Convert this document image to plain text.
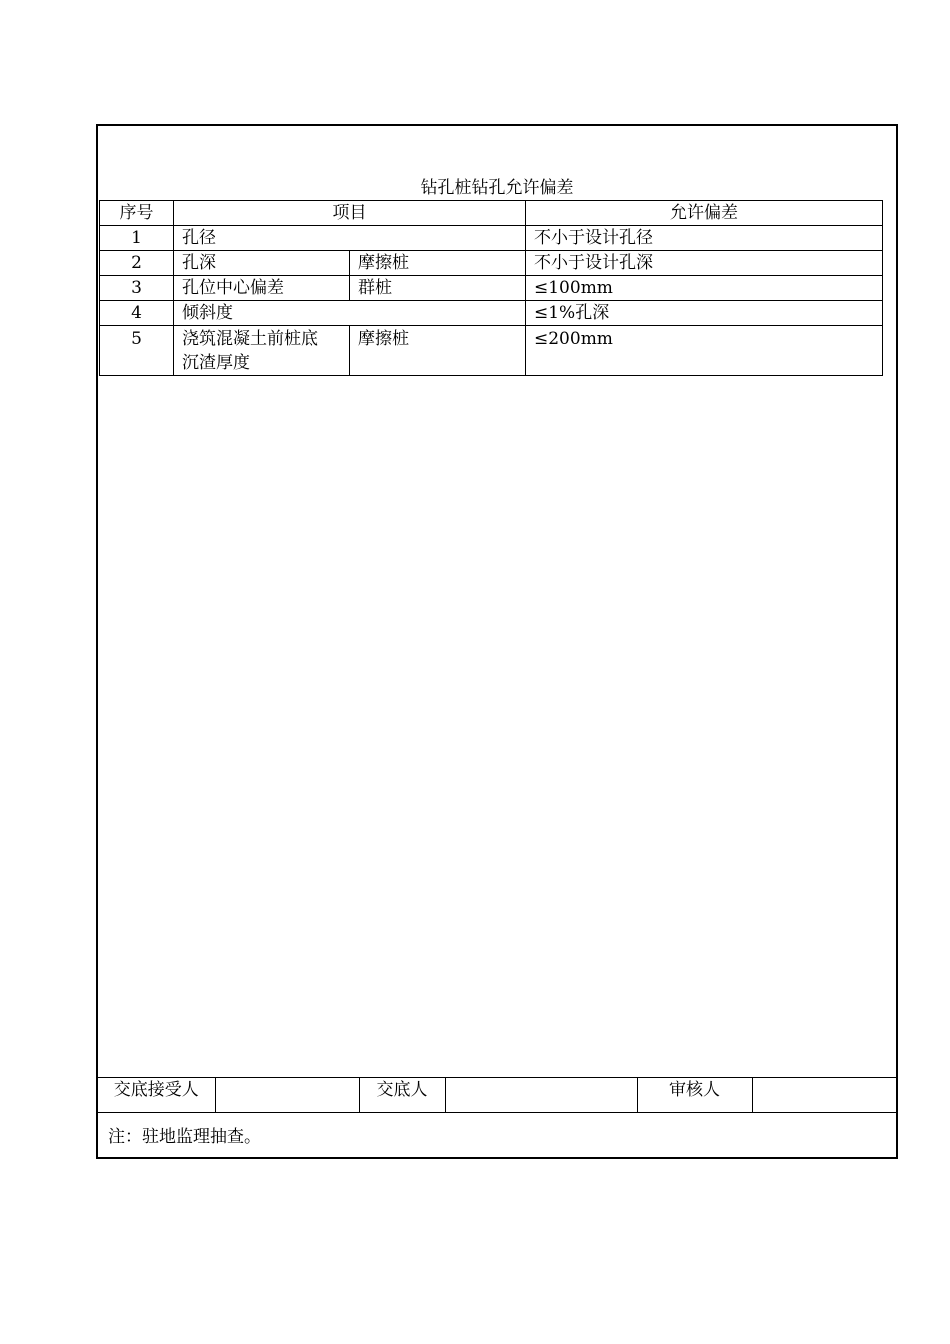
钻孔桩钻孔允许偏差
序号	项目		允许偏差
1	孔径		不小于设计孔径
2	孔深	摩擦桩	不小于设计孔深
3	孔位中心偏差	群桩	≤100mm
4	倾斜度		≤1%孔深
5	浇筑混凝土前桩底
沉渣厚度	摩擦桩	≤200mm
交底接受人		交底人		审核人	
注：驻地监理抽查。
